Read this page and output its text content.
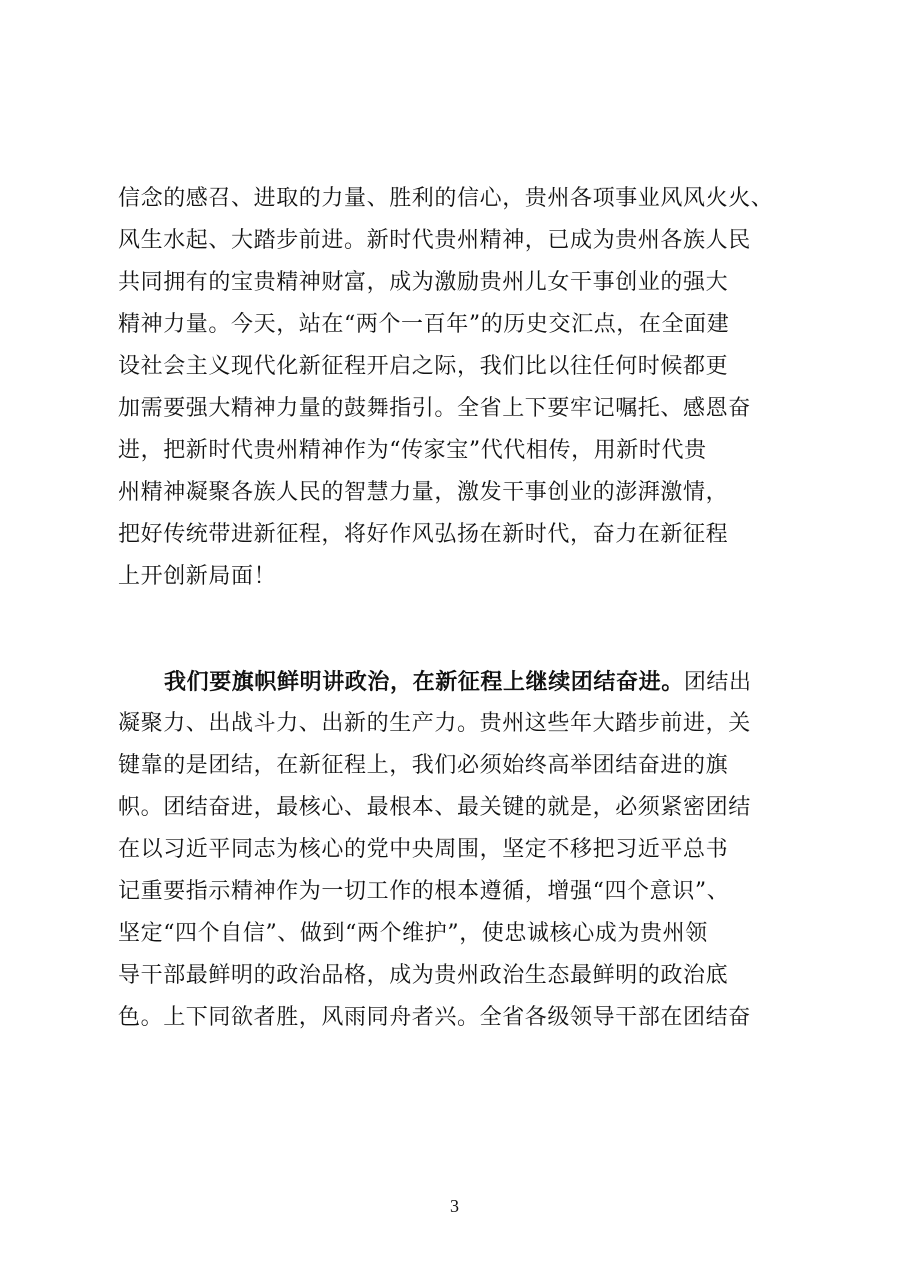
信念的感召、进取的力量、胜利的信心，贵州各项事业风风火火、
风生水起、大踏步前进。新时代贵州精神，已成为贵州各族人民
共同拥有的宝贵精神财富，成为激励贵州儿女干事创业的强大
精神力量。今天，站在“两个一百年”的历史交汇点，在全面建
设社会主义现代化新征程开启之际，我们比以往任何时候都更
加需要强大精神力量的鼓舞指引。全省上下要牢记嘱托、感恩奋
进，把新时代贵州精神作为“传家宝”代代相传，用新时代贵
州精神凝聚各族人民的智慧力量，激发干事创业的澎湃激情，
把好传统带进新征程，将好作风弘扬在新时代，奋力在新征程
上开创新局面！
我们要旗帜鲜明讲政治，在新征程上继续团结奋进。团结出
凝聚力、出战斗力、出新的生产力。贵州这些年大踏步前进，关
键靠的是团结，在新征程上，我们必须始终高举团结奋进的旗
帜。团结奋进，最核心、最根本、最关键的就是，必须紧密团结
在以习近平同志为核心的党中央周围，坚定不移把习近平总书
记重要指示精神作为一切工作的根本遵循，增强“四个意识”、
坚定“四个自信”、做到“两个维护”，使忠诚核心成为贵州领
导干部最鲜明的政治品格，成为贵州政治生态最鲜明的政治底
色。上下同欲者胜，风雨同舟者兴。全省各级领导干部在团结奋
3
